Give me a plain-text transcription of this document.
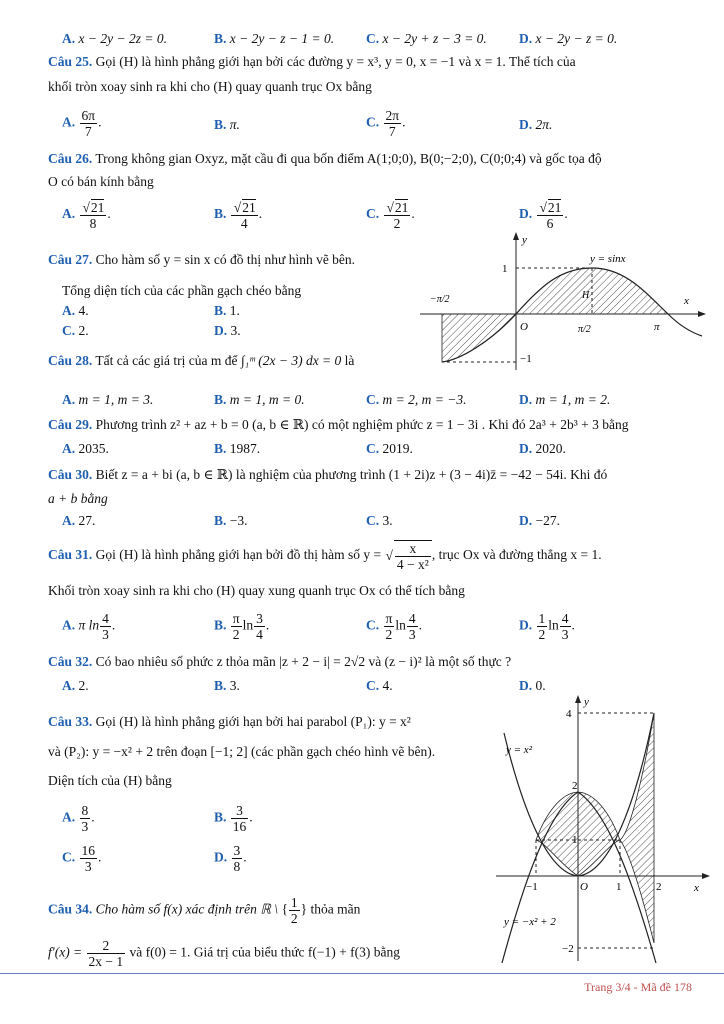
A. x − 2y − 2z = 0.	B. x − 2y − z − 1 = 0. C. x − 2y + z − 3 = 0. D. x − 2y − z = 0.
Câu 25. Gọi (H) là hình phẳng giới hạn bởi các đường y = x³, y = 0, x = −1 và x = 1. Thể tích của
khối tròn xoay sinh ra khi cho (H) quay quanh trục Ox bằng
A. $\frac{6\pi}{7}$ .	B. π.	C. $\frac{2\pi}{7}$ .	D. 2π.
Câu 26. Trong không gian Oxyz, mặt cầu đi qua bốn điểm A(1;0;0), B(0;−2;0), C(0;0;4) và gốc tọa độ
O có bán kính bằng
A. √ $\frac{21}{8}$ .	B. √ $\frac{21}{4}$ .	C. √ $\frac{21}{2}$ .	D. √ $\frac{21}{6}$ .
Câu 27. Cho hàm số y = sin x có đồ thị như hình vẽ bên.
Tổng diện tích của các phần gạch chéo bằng
A. 4.	B. 1.
C. 2.	D. 3.
y
x
1
−1
y = sinx
−π/2
O	π/2	π
H
Câu 28. Tất cả các giá trị của m để ∫₁ᵐ (2x − 3) dx = 0 là
A. m = 1, m = 3.	B. m = 1, m = 0.	C. m = 2, m = −3.	D. m = 1, m = 2.
Câu 29. Phương trình z² + az + b = 0 (a, b ∈ ℝ) có một nghiệm phức z = 1 − 3i . Khi đó 2a³ + 2b³ + 3 bằng
A. 2035.	B. 1987.	C. 2019.	D. 2020.
Câu 30. Biết z = a + bi (a, b ∈ ℝ) là nghiệm của phương trình (1 + 2i)z + (3 − 4i)z̄ = −42 − 54i. Khi đó
a + b bằng
A. 27.	B. −3.	C. 3.	D. −27.
Câu 31. Gọi (H) là hình phẳng giới hạn bởi đồ thị hàm số y = √ $\frac{x}{\text{4 − x²}}$ , trục Ox và đường thẳng x = 1.
Khối tròn xoay sinh ra khi cho (H) quay xung quanh trục Ox có thể tích bằng
A. π $\ln \frac{4}{3}$ .	B. $\frac{\pi}{2}$ $\ln \frac{3}{4}$ .	C. $\frac{\pi}{2}$ $\ln \frac{4}{3}$ .	D. $\frac{1}{2}$ $\ln \frac{4}{3}$ .
Câu 32. Có bao nhiêu số phức z thỏa mãn |z + 2 − i| = 2√2 và (z − i)² là một số thực ?
A. 2.	B. 3.	C. 4.	D. 0.
Câu 33. Gọi (H) là hình phẳng giới hạn bởi hai parabol (P₁): y = x²
và (P₂): y = −x² + 2 trên đoạn [−1; 2] (các phần gạch chéo hình vẽ bên).
Diện tích của (H) bằng
A. $\frac{8}{3}$ .	B. $\frac{3}{16}$ .
C. $\frac{16}{3}$ .	D. $\frac{3}{8}$ .
y
x
4
2
1
−2
−1	O	1	2
y = x²
y = −x² + 2
Câu 34. Cho hàm số f(x) xác định trên ℝ \ { $\frac{1}{2}$ } thỏa mãn
$f'(x) = \frac{2}{2x - 1}$ và f(0) = 1. Giá trị của biểu thức f(−1) + f(3) bằng
Trang 3/4 - Mã đề 178
